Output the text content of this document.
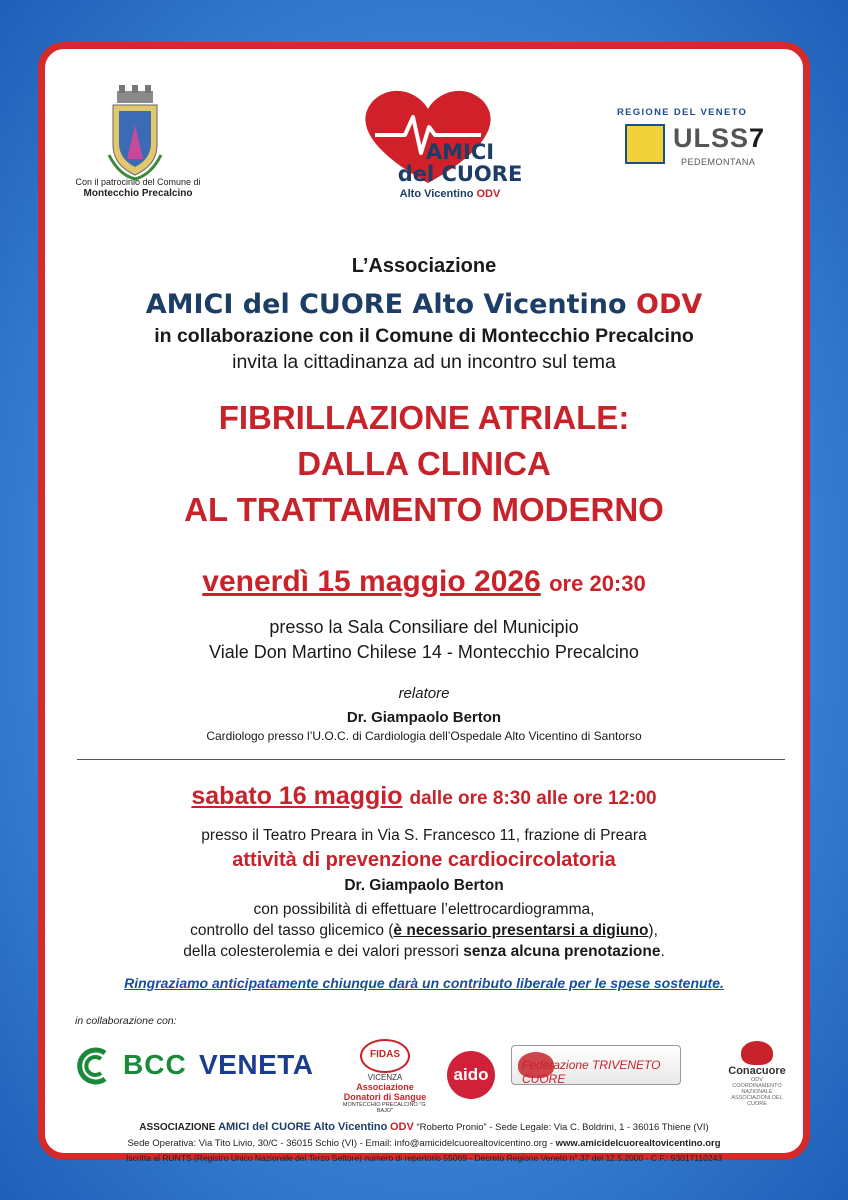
Con il patrocinio del Comune di
Montecchio Precalcino
AMICI
del CUORE
Alto Vicentino ODV
REGIONE DEL VENETO
ULSS7
PEDEMONTANA
L’Associazione
AMICI del CUORE Alto Vicentino ODV
in collaborazione con il Comune di Montecchio Precalcino
invita la cittadinanza ad un incontro sul tema
FIBRILLAZIONE ATRIALE:
DALLA CLINICA
AL TRATTAMENTO MODERNO
venerdì 15 maggio 2026 ore 20:30
presso la Sala Consiliare del Municipio
Viale Don Martino Chilese 14 - Montecchio Precalcino
relatore
Dr. Giampaolo Berton
Cardiologo presso l’U.O.C. di Cardiologia dell’Ospedale Alto Vicentino di Santorso
sabato 16 maggio dalle ore 8:30 alle ore 12:00
presso il Teatro Preara in Via S. Francesco 11, frazione di Preara
attività di prevenzione cardiocircolatoria
Dr. Giampaolo Berton
con possibilità di effettuare l’elettrocardiogramma,
controllo del tasso glicemico (è necessario presentarsi a digiuno),
della colesterolemia e dei valori pressori senza alcuna prenotazione.
Ringraziamo anticipatamente chiunque darà un contributo liberale per le spese sostenute.
in collaborazione con:
BCC VENETA	FIDAS
VICENZA
Associazione
Donatori di Sangue
MONTECCHIO PRECALCINO "G. BAJO"
aido	Federazione TRIVENETO CUORE
Conacuore
ODV
COORDINAMENTO NAZIONALE ASSOCIAZIONI DEL CUORE
ASSOCIAZIONE AMICI del CUORE Alto Vicentino ODV “Roberto Pronio” - Sede Legale: Via C. Boldrini, 1 - 36016 Thiene (VI)
Sede Operativa: Via Tito Livio, 30/C - 36015 Schio (VI) - Email: info@amicidelcuorealtovicentino.org - www.amicidelcuorealtovicentino.org
Iscritta al RUNTS (Registro Unico Nazionale del Terzo Settore) numero di repertorio 55069 - Decreto Regione Veneto n° 37 del 12.5.2000 - C.F.: 93017110243
